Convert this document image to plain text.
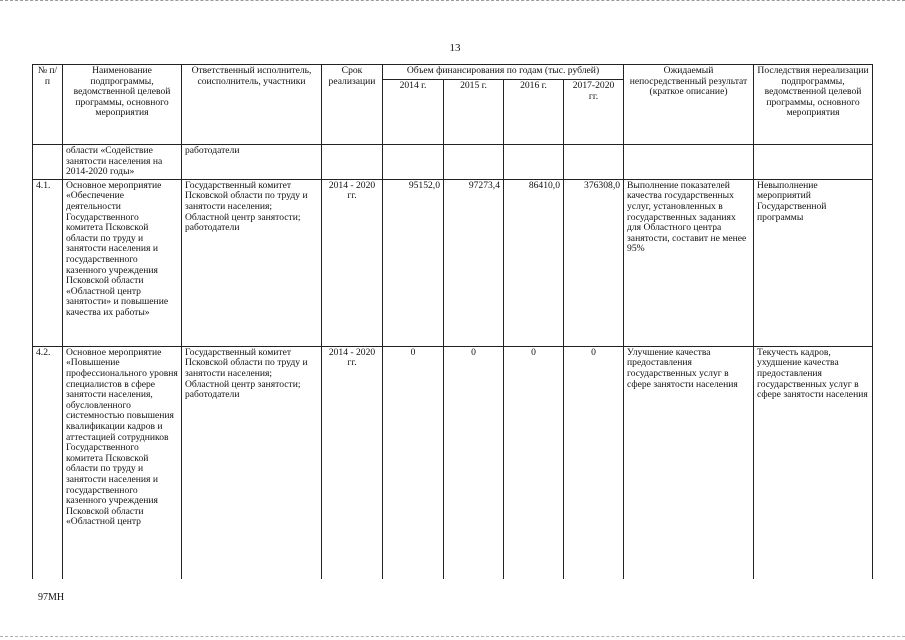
13
№ п/п	Наименование подпрограммы, ведомственной целевой программы, основного мероприятия	Ответственный исполнитель, соисполнитель, участники	Срок реализации	Объем финансирования по годам (тыс. рублей)				Ожидаемый непосредственный результат (краткое описание)	Последствия нереализации подпрограммы, ведомственной целевой программы, основного мероприятия
				2014 г.	2015 г.	2016 г.	2017-2020 гг.		
	области «Содействие занятости населения на 2014-2020 годы»	работодатели							
4.1.	Основное мероприятие «Обеспечение деятельности Государственного комитета Псковской области по труду и занятости населения и государственного казенного учреждения Псковской области «Областной центр занятости» и повышение качества их работы»	Государственный комитет Псковской области по труду и занятости населения; Областной центр занятости; работодатели	2014 - 2020 гг.	95152,0	97273,4	86410,0	376308,0	Выполнение показателей качества государственных услуг, установленных в государственных заданиях для Областного центра занятости, составит не менее 95%	Невыполнение мероприятий Государственной программы
4.2.	Основное мероприятие «Повышение профессионального уровня специалистов в сфере занятости населения, обусловленного системностью повышения квалификации кадров и аттестацией сотрудников Государственного комитета Псковской области по труду и занятости населения и государственного казенного учреждения Псковской области «Областной центр	Государственный комитет Псковской области по труду и занятости населения; Областной центр занятости; работодатели	2014 - 2020 гг.	0	0	0	0	Улучшение качества предоставления государственных услуг в сфере занятости населения	Текучесть кадров, ухудшение качества предоставления государственных услуг в сфере занятости населения
97МН
